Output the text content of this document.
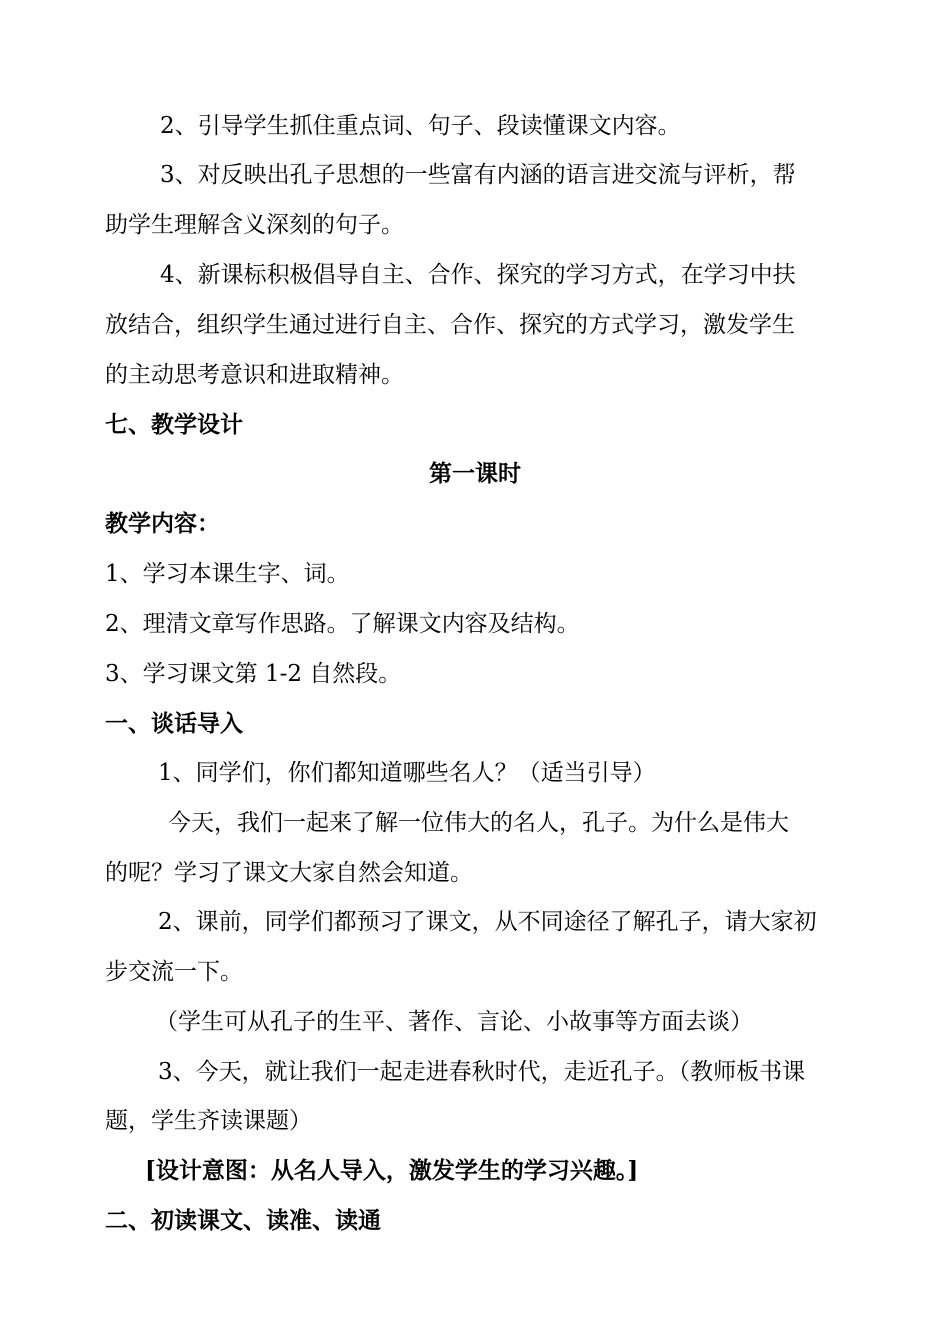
2、引导学生抓住重点词、句子、段读懂课文内容。
3、对反映出孔子思想的一些富有内涵的语言进交流与评析，帮
助学生理解含义深刻的句子。
4、新课标积极倡导自主、合作、探究的学习方式，在学习中扶
放结合，组织学生通过进行自主、合作、探究的方式学习，激发学生
的主动思考意识和进取精神。
七、教学设计
第一课时
教学内容：
1、学习本课生字、词。
2、理清文章写作思路。了解课文内容及结构。
3、学习课文第 1-2 自然段。
一、谈话导入
1、同学们，你们都知道哪些名人？（适当引导）
今天，我们一起来了解一位伟大的名人，孔子。为什么是伟大
的呢？学习了课文大家自然会知道。
2、课前，同学们都预习了课文，从不同途径了解孔子，请大家初
步交流一下。
（学生可从孔子的生平、著作、言论、小故事等方面去谈）
3、今天，就让我们一起走进春秋时代，走近孔子。（教师板书课
题，学生齐读课题）
[设计意图：从名人导入，激发学生的学习兴趣。]
二、初读课文、读准、读通
